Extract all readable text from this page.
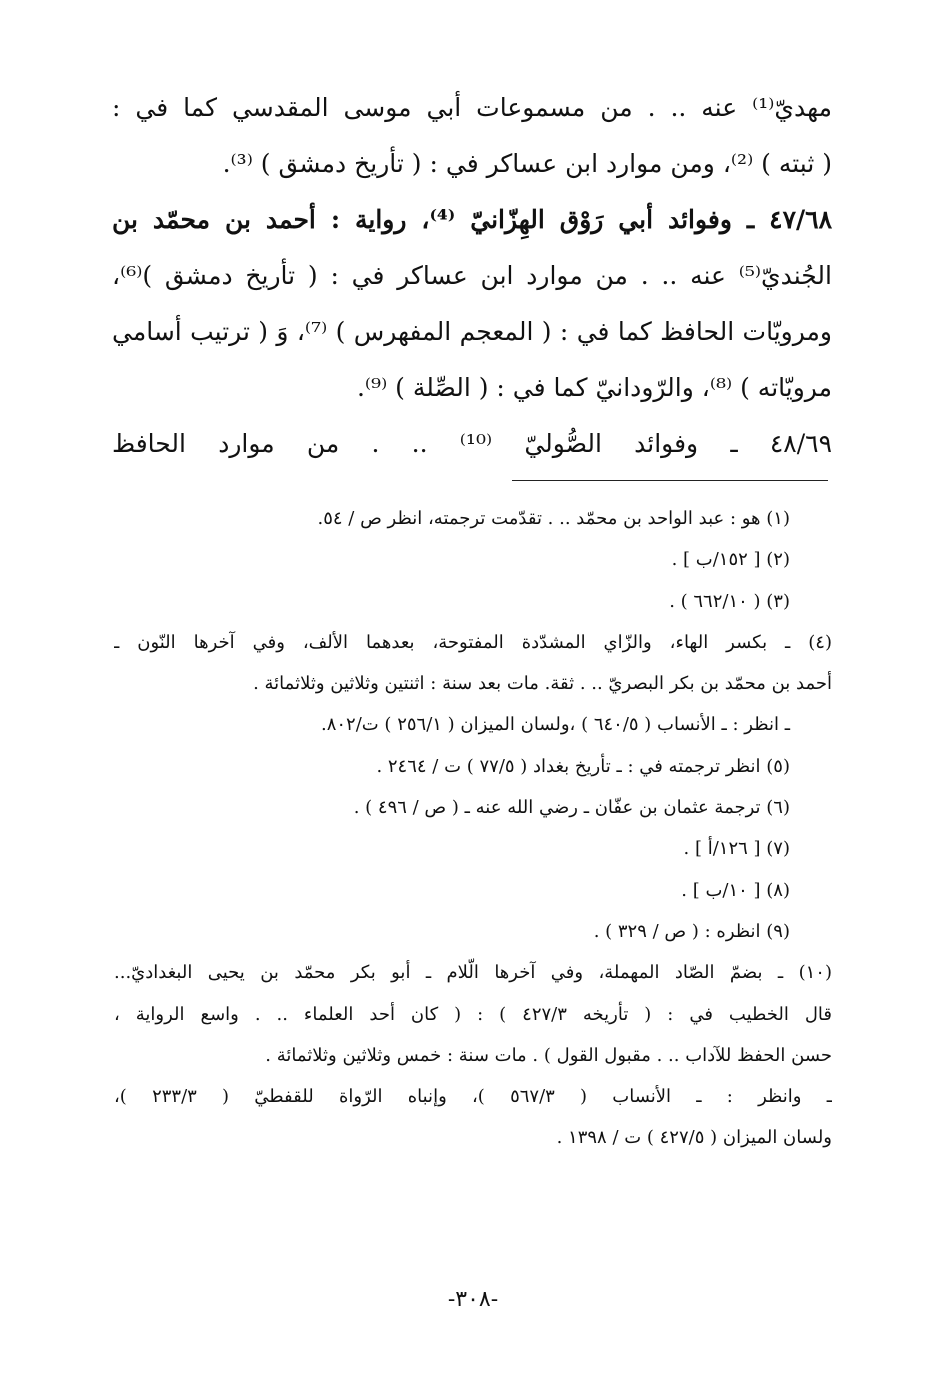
مهديّ⁽¹⁾ عنه .. . من مسموعات أبي موسى المقدسي كما في :

( ثبته ) ⁽²⁾، ومن موارد ابن عساكر في : ( تأريخ دمشق ) ⁽³⁾.

٤٧/٦٨ ـ وفوائد أبي رَوْق الهِزّانيّ ⁽⁴⁾، رواية : أحمد بن محمّد بن

الجُنديّ⁽⁵⁾ عنه .. . من موارد ابن عساكر في : ( تأريخ دمشق )⁽⁶⁾،

ومرويّات الحافظ كما في : ( المعجم المفهرس ) ⁽⁷⁾، وَ ( ترتيب أسامي

مرويّاته ) ⁽⁸⁾، والرّودانيّ كما في : ( الصِّلة ) ⁽⁹⁾.

٤٨/٦٩ ـ وفوائد الصُّوليّ ⁽¹⁰⁾ .. . من موارد الحافظ

(١) هو : عبد الواحد بن محمّد .. . تقدّمت ترجمته، انظر ص / ٥٤.

(٢) [ ١٥٢/ب ] .

(٣) ( ٦٦٢/١٠ ) .

(٤) ـ بكسر الهاء، والزّاي المشدّدة المفتوحة، بعدهما الألف، وفي آخرها النّون ـ

أحمد بن محمّد بن بكر البصريّ .. . ثقة. مات بعد سنة : اثنتين وثلاثين وثلاثمائة .

ـ انظر : ـ الأنساب ( ٦٤٠/٥ ) ،ولسان الميزان ( ٢٥٦/١ ) ت/٨٠٢.

(٥) انظر ترجمته في : ـ تأريخ بغداد ( ٧٧/٥ ) ت / ٢٤٦٤ .

(٦) ترجمة عثمان بن عفّان ـ رضي الله عنه ـ ( ص / ٤٩٦ ) .

(٧) [ ١٢٦/أ ] .

(٨) [ ١٠/ب ] .

(٩) انظره : ( ص / ٣٢٩ ) .

(١٠) ـ بضمّ الصّاد المهملة، وفي آخرها الّلام ـ أبو بكر محمّد بن يحيى البغداديّ...

قال الخطيب في : ( تأريخه ٤٢٧/٣ ) : ( كان أحد العلماء .. . واسع الرواية ،

حسن الحفظ للآداب .. . مقبول القول ) . مات سنة : خمس وثلاثين وثلاثمائة .

ـ وانظر : ـ الأنساب ( ٥٦٧/٣ )، وإنباه الرّواة للقفطيّ ( ٢٣٣/٣ )،

ولسان الميزان ( ٤٢٧/٥ ) ت / ١٣٩٨ .

-٣٠٨-
